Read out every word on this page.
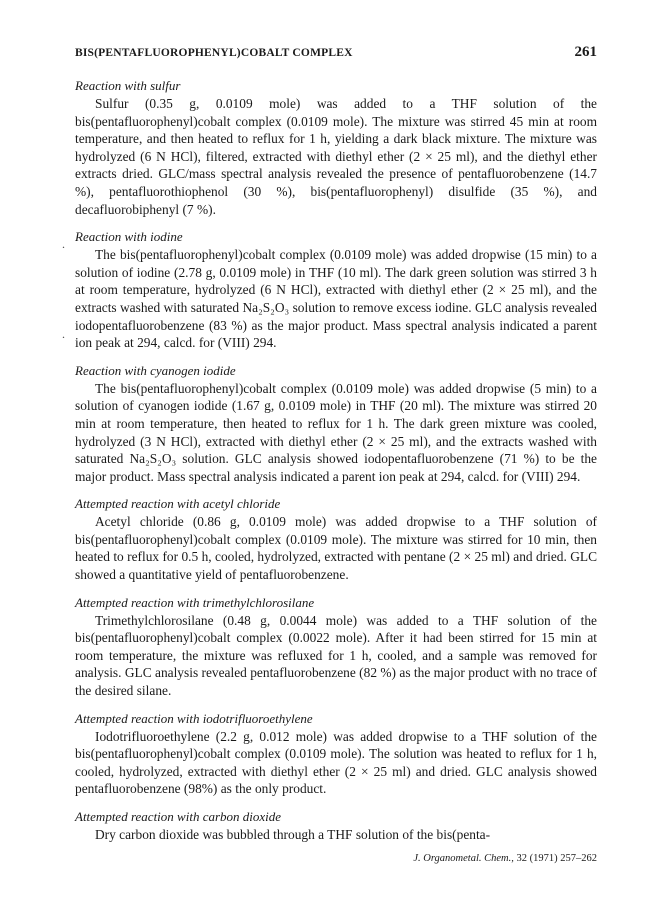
BIS(PENTAFLUOROPHENYL)COBALT COMPLEX	261
.
.
Reaction with sulfur

Sulfur (0.35 g, 0.0109 mole) was added to a THF solution of the bis(pentafluorophenyl)cobalt complex (0.0109 mole). The mixture was stirred 45 min at room temperature, and then heated to reflux for 1 h, yielding a dark black mixture. The mixture was hydrolyzed (6 N HCl), filtered, extracted with diethyl ether (2 × 25 ml), and the diethyl ether extracts dried. GLC/mass spectral analysis revealed the presence of pentafluorobenzene (14.7 %), pentafluorothiophenol (30 %), bis(pentafluorophenyl) disulfide (35 %), and decafluorobiphenyl (7 %).

Reaction with iodine

The bis(pentafluorophenyl)cobalt complex (0.0109 mole) was added dropwise (15 min) to a solution of iodine (2.78 g, 0.0109 mole) in THF (10 ml). The dark green solution was stirred 3 h at room temperature, hydrolyzed (6 N HCl), extracted with diethyl ether (2 × 25 ml), and the extracts washed with saturated Na₂S₂O₃ solution to remove excess iodine. GLC analysis revealed iodopentafluorobenzene (83 %) as the major product. Mass spectral analysis indicated a parent ion peak at 294, calcd. for (VIII) 294.

Reaction with cyanogen iodide

The bis(pentafluorophenyl)cobalt complex (0.0109 mole) was added dropwise (5 min) to a solution of cyanogen iodide (1.67 g, 0.0109 mole) in THF (20 ml). The mixture was stirred 20 min at room temperature, then heated to reflux for 1 h. The dark green mixture was cooled, hydrolyzed (3 N HCl), extracted with diethyl ether (2 × 25 ml), and the extracts washed with saturated Na₂S₂O₃ solution. GLC analysis showed iodopentafluorobenzene (71 %) to be the major product. Mass spectral analysis indicated a parent ion peak at 294, calcd. for (VIII) 294.

Attempted reaction with acetyl chloride

Acetyl chloride (0.86 g, 0.0109 mole) was added dropwise to a THF solution of bis(pentafluorophenyl)cobalt complex (0.0109 mole). The mixture was stirred for 10 min, then heated to reflux for 0.5 h, cooled, hydrolyzed, extracted with pentane (2 × 25 ml) and dried. GLC showed a quantitative yield of pentafluorobenzene.

Attempted reaction with trimethylchlorosilane

Trimethylchlorosilane (0.48 g, 0.0044 mole) was added to a THF solution of the bis(pentafluorophenyl)cobalt complex (0.0022 mole). After it had been stirred for 15 min at room temperature, the mixture was refluxed for 1 h, cooled, and a sample was removed for analysis. GLC analysis revealed pentafluorobenzene (82 %) as the major product with no trace of the desired silane.

Attempted reaction with iodotrifluoroethylene

Iodotrifluoroethylene (2.2 g, 0.012 mole) was added dropwise to a THF solution of the bis(pentafluorophenyl)cobalt complex (0.0109 mole). The solution was heated to reflux for 1 h, cooled, hydrolyzed, extracted with diethyl ether (2 × 25 ml) and dried. GLC analysis showed pentafluorobenzene (98%) as the only product.

Attempted reaction with carbon dioxide

Dry carbon dioxide was bubbled through a THF solution of the bis(penta-

J. Organometal. Chem., 32 (1971) 257–262
